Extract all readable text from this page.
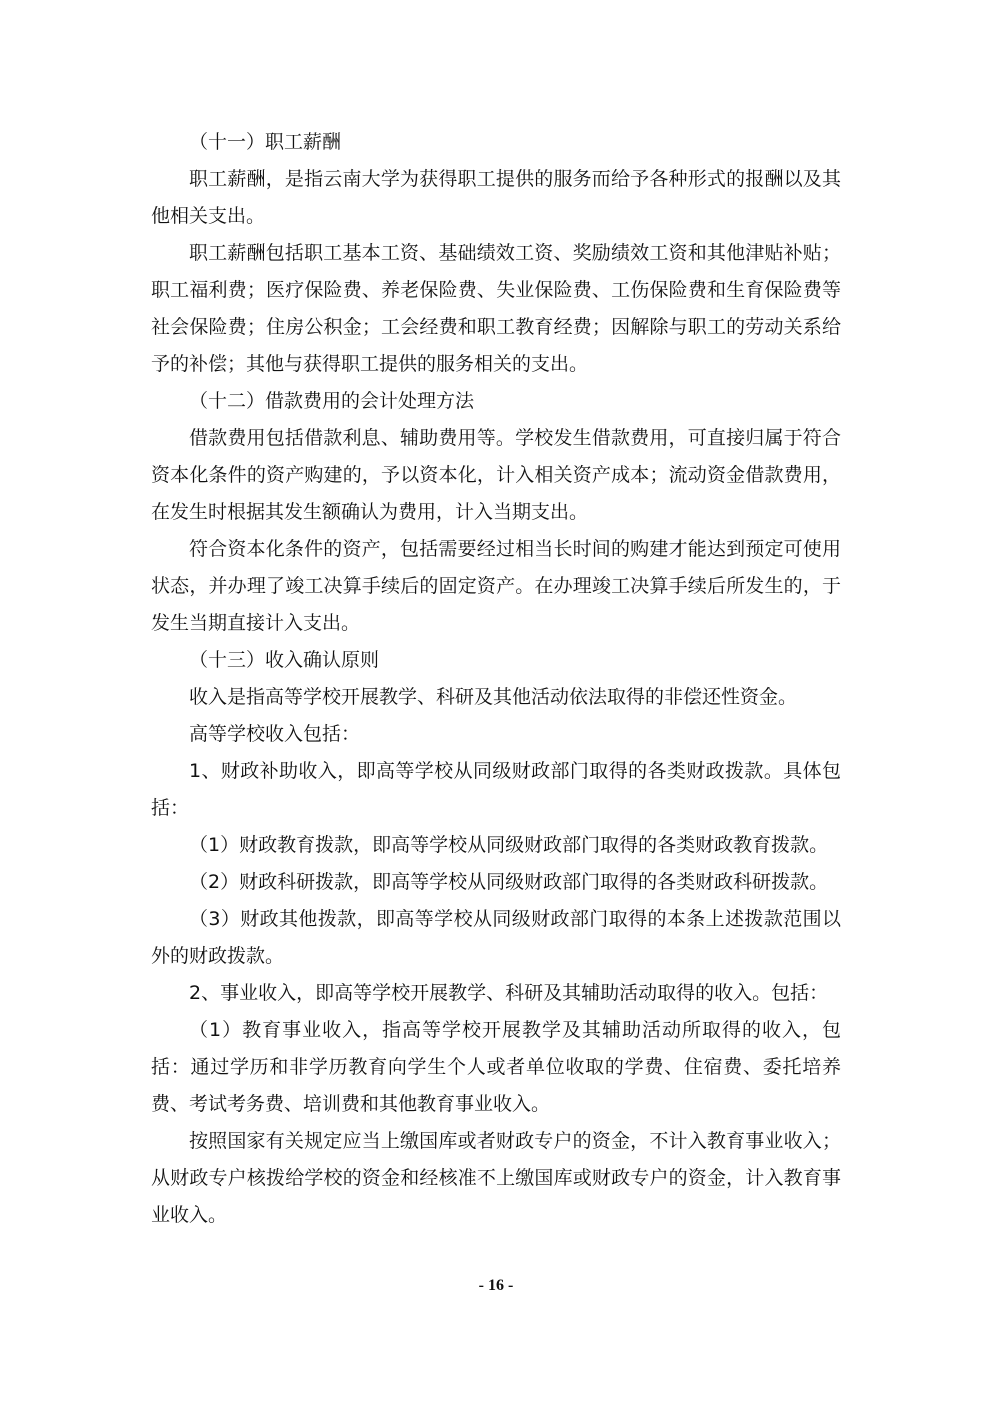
（十一）职工薪酬

职工薪酬，是指云南大学为获得职工提供的服务而给予各种形式的报酬以及其他相关支出。

职工薪酬包括职工基本工资、基础绩效工资、奖励绩效工资和其他津贴补贴；职工福利费；医疗保险费、养老保险费、失业保险费、工伤保险费和生育保险费等社会保险费；住房公积金；工会经费和职工教育经费；因解除与职工的劳动关系给予的补偿；其他与获得职工提供的服务相关的支出。

（十二）借款费用的会计处理方法

借款费用包括借款利息、辅助费用等。学校发生借款费用，可直接归属于符合资本化条件的资产购建的，予以资本化，计入相关资产成本；流动资金借款费用，在发生时根据其发生额确认为费用，计入当期支出。

符合资本化条件的资产，包括需要经过相当长时间的购建才能达到预定可使用状态，并办理了竣工决算手续后的固定资产。在办理竣工决算手续后所发生的，于发生当期直接计入支出。

（十三）收入确认原则

收入是指高等学校开展教学、科研及其他活动依法取得的非偿还性资金。

高等学校收入包括：

1、财政补助收入，即高等学校从同级财政部门取得的各类财政拨款。具体包括：

（1）财政教育拨款，即高等学校从同级财政部门取得的各类财政教育拨款。

（2）财政科研拨款，即高等学校从同级财政部门取得的各类财政科研拨款。

（3）财政其他拨款，即高等学校从同级财政部门取得的本条上述拨款范围以外的财政拨款。

2、事业收入，即高等学校开展教学、科研及其辅助活动取得的收入。包括：

（1）教育事业收入，指高等学校开展教学及其辅助活动所取得的收入，包括：通过学历和非学历教育向学生个人或者单位收取的学费、住宿费、委托培养费、考试考务费、培训费和其他教育事业收入。

按照国家有关规定应当上缴国库或者财政专户的资金，不计入教育事业收入；从财政专户核拨给学校的资金和经核准不上缴国库或财政专户的资金，计入教育事业收入。

- 16 -
